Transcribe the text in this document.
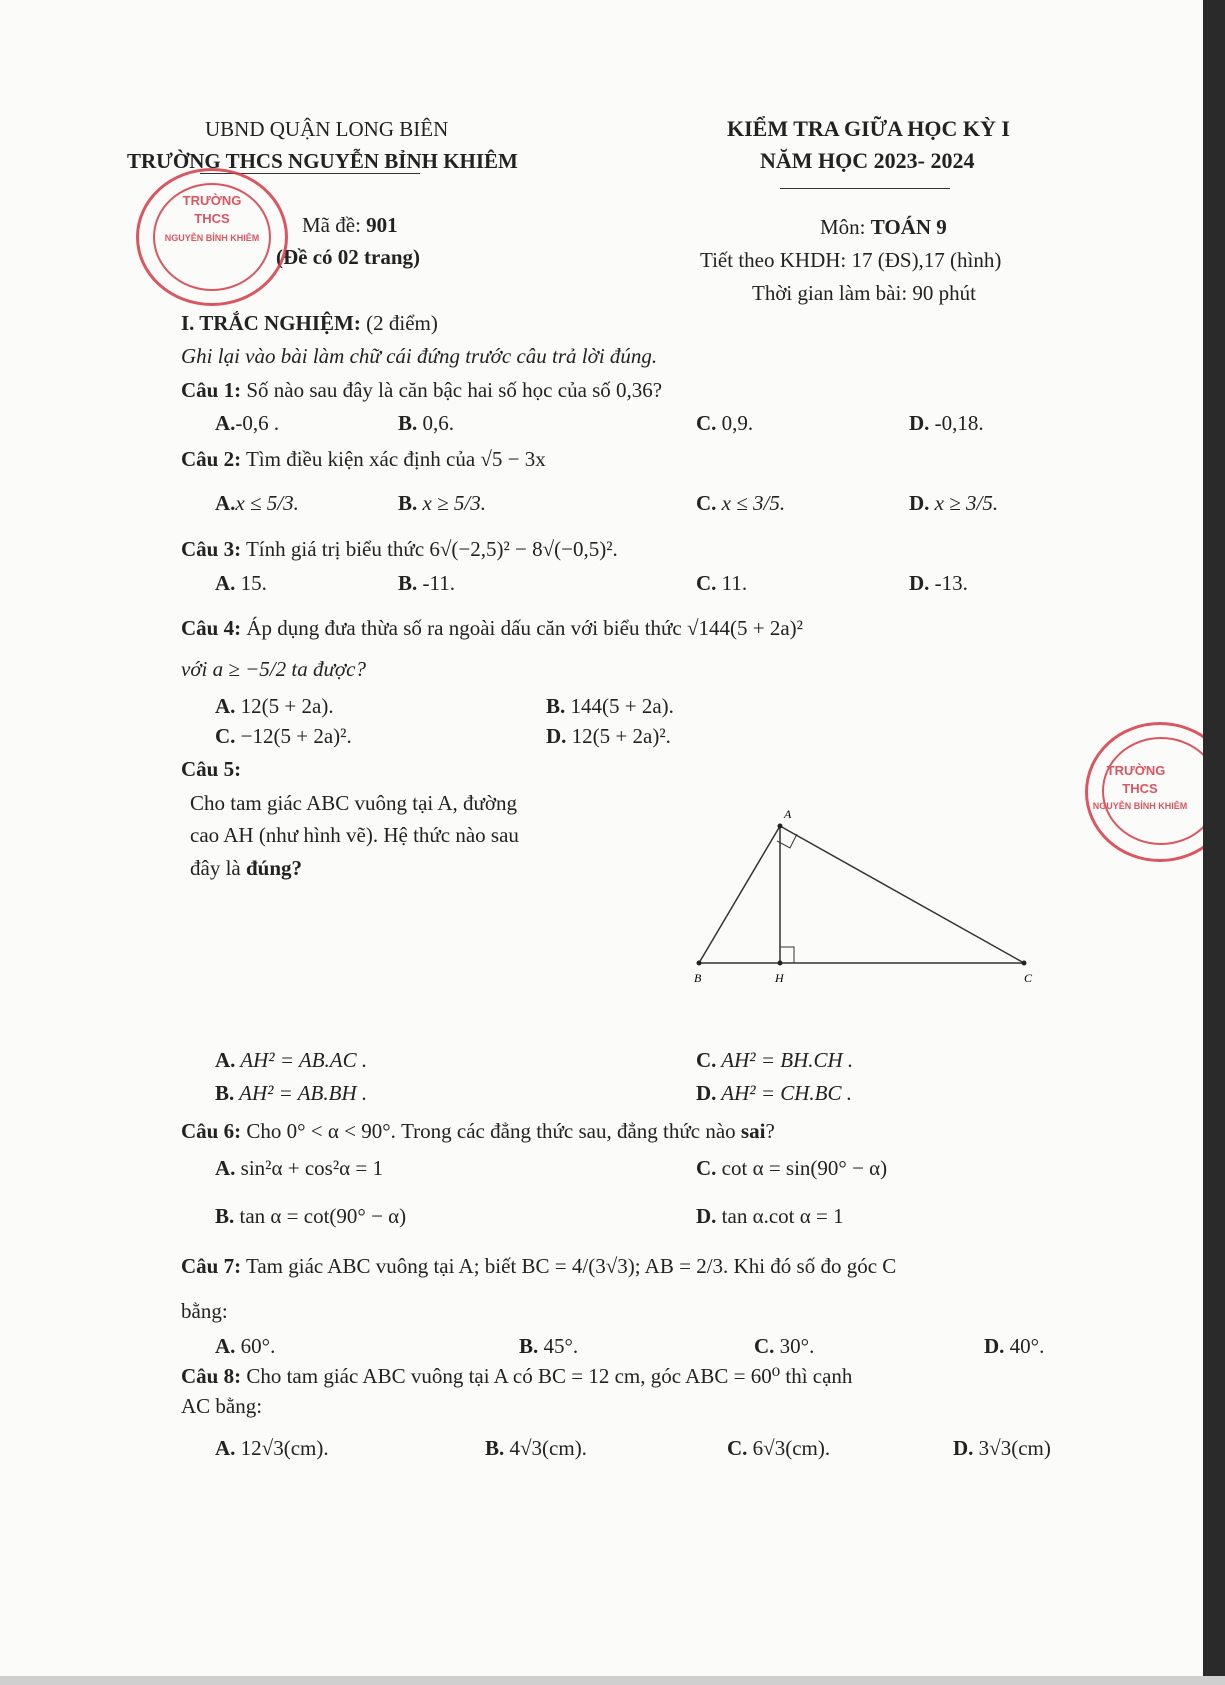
UBND QUẬN LONG BIÊN
TRƯỜNG THCS NGUYỄN BỈNH KHIÊM
Mã đề: 901
(Đề có 02 trang)
KIỂM TRA GIỮA HỌC KỲ I
NĂM HỌC 2023- 2024
Môn: TOÁN 9
Tiết theo KHDH: 17 (ĐS),17 (hình)
Thời gian làm bài: 90 phút
TRƯỜNG
THCS
NGUYỄN BỈNH KHIÊM
TRƯỜNG
THCS
NGUYỄN BỈNH KHIÊM
I. TRẮC NGHIỆM: (2 điểm)
Ghi lại vào bài làm chữ cái đứng trước câu trả lời đúng.
Câu 1: Số nào sau đây là căn bậc hai số học của số 0,36?
A.-0,6 .	B. 0,6.	C. 0,9.	D. -0,18.
Câu 2: Tìm điều kiện xác định của √5 − 3x
A.x ≤ 5/3.	B. x ≥ 5/3.	C. x ≤ 3/5.	D. x ≥ 3/5.
Câu 3: Tính giá trị biểu thức 6√(−2,5)² − 8√(−0,5)².
A. 15.	B. -11.	C. 11.	D. -13.
Câu 4: Áp dụng đưa thừa số ra ngoài dấu căn với biểu thức √144(5 + 2a)²
với a ≥ −5/2 ta được?
A. 12(5 + 2a).	B. 144(5 + 2a).
C. −12(5 + 2a)².	D. 12(5 + 2a)².
Câu 5:
Cho tam giác ABC vuông tại A, đường
cao AH (như hình vẽ). Hệ thức nào sau
đây là đúng?
A
B	H	C
A. AH² = AB.AC .	C. AH² = BH.CH .
B. AH² = AB.BH .	D. AH² = CH.BC .
Câu 6: Cho 0° < α < 90°. Trong các đẳng thức sau, đẳng thức nào sai?
A. sin²α + cos²α = 1	C. cot α = sin(90° − α)
B. tan α = cot(90° − α)	D. tan α.cot α = 1
Câu 7: Tam giác ABC vuông tại A; biết BC = 4/(3√3); AB = 2/3. Khi đó số đo góc C
bằng:
A. 60°.	B. 45°.	C. 30°.	D. 40°.
Câu 8: Cho tam giác ABC vuông tại A có BC = 12 cm, góc ABC = 60⁰ thì cạnh
AC bằng:
A. 12√3(cm).	B. 4√3(cm).	C. 6√3(cm).	D. 3√3(cm)
